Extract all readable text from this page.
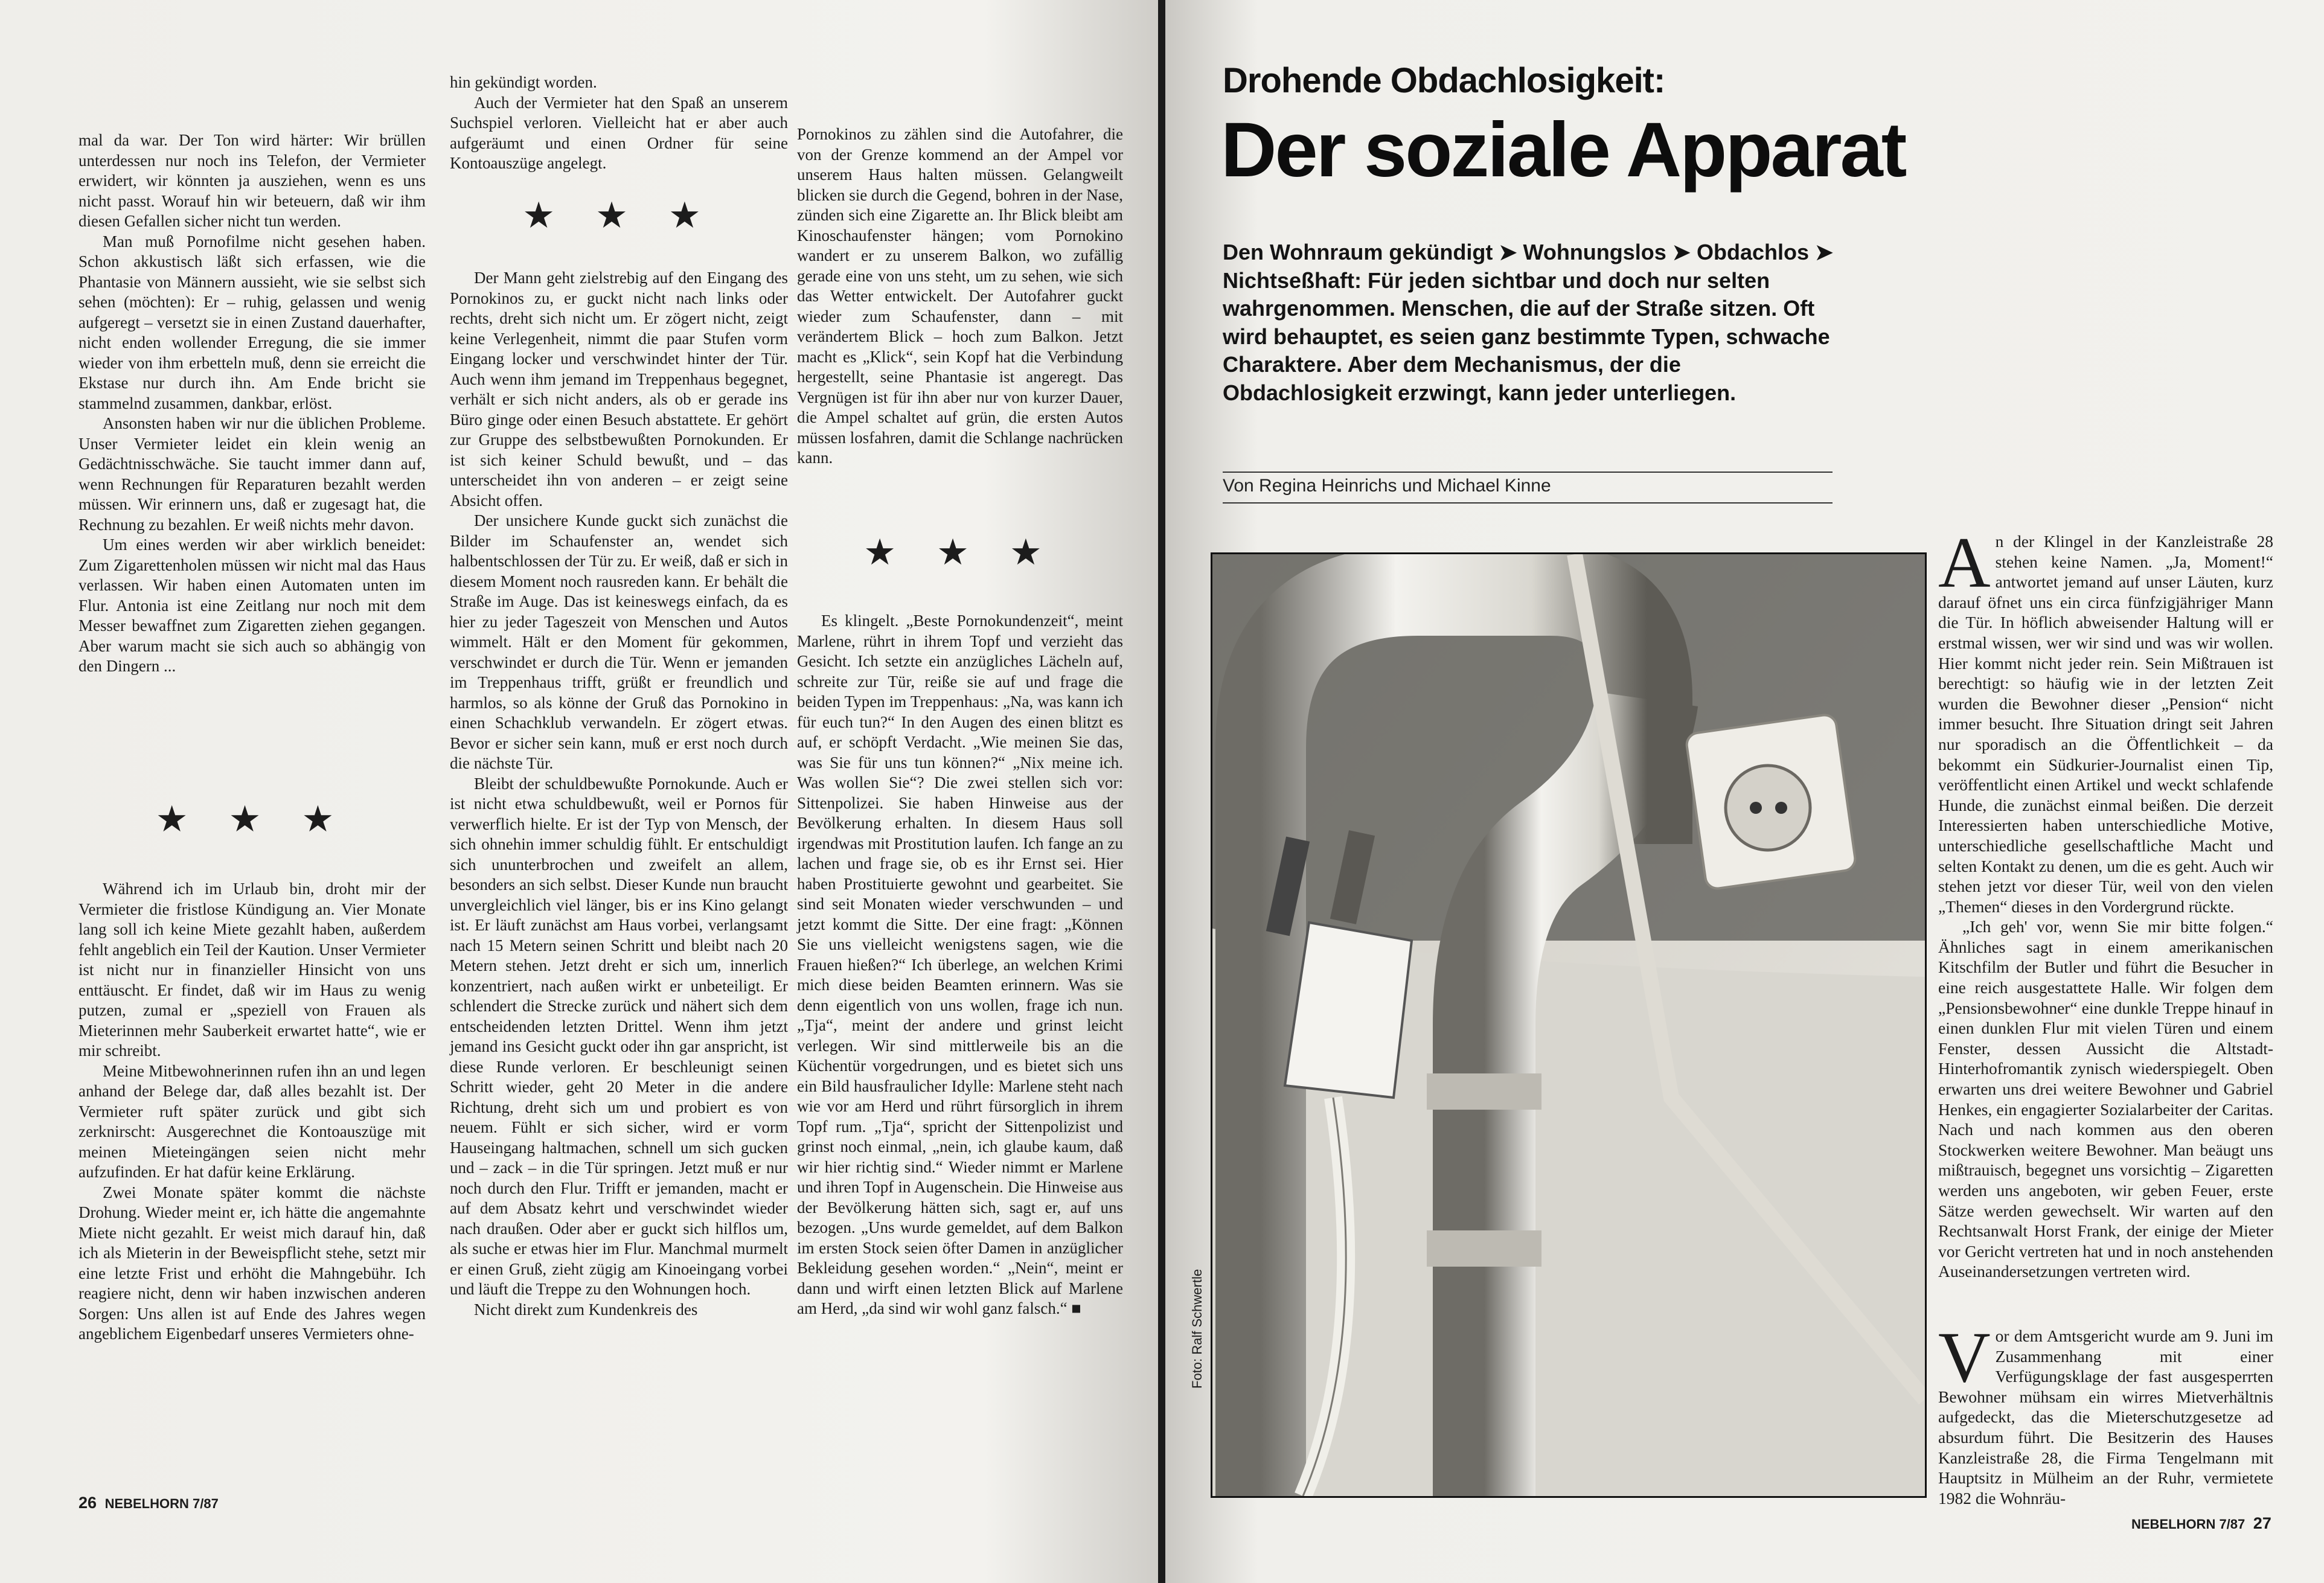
mal da war. Der Ton wird härter: Wir brüllen unterdessen nur noch ins Telefon, der Vermieter erwidert, wir könnten ja ausziehen, wenn es uns nicht passt. Worauf hin wir beteuern, daß wir ihm diesen Gefallen sicher nicht tun werden.

Man muß Pornofilme nicht gesehen haben. Schon akkustisch läßt sich erfassen, wie die Phantasie von Männern aussieht, wie sie selbst sich sehen (möchten): Er – ruhig, gelassen und wenig aufgeregt – versetzt sie in einen Zustand dauerhafter, nicht enden wollender Erregung, die sie immer wieder von ihm erbetteln muß, denn sie erreicht die Ekstase nur durch ihn. Am Ende bricht sie stammelnd zusammen, dankbar, erlöst.

Ansonsten haben wir nur die üblichen Probleme. Unser Vermieter leidet ein klein wenig an Gedächtnisschwäche. Sie taucht immer dann auf, wenn Rechnungen für Reparaturen bezahlt werden müssen. Wir erinnern uns, daß er zugesagt hat, die Rechnung zu bezahlen. Er weiß nichts mehr davon.

Um eines werden wir aber wirklich beneidet: Zum Zigarettenholen müssen wir nicht mal das Haus verlassen. Wir haben einen Automaten unten im Flur. Antonia ist eine Zeitlang nur noch mit dem Messer bewaffnet zum Zigaretten ziehen gegangen. Aber warum macht sie sich auch so abhängig von den Dingern ...

★ ★ ★

Während ich im Urlaub bin, droht mir der Vermieter die fristlose Kündigung an. Vier Monate lang soll ich keine Miete gezahlt haben, außerdem fehlt angeblich ein Teil der Kaution. Unser Vermieter ist nicht nur in finanzieller Hinsicht von uns enttäuscht. Er findet, daß wir im Haus zu wenig putzen, zumal er „speziell von Frauen als Mieterinnen mehr Sauberkeit erwartet hatte“, wie er mir schreibt.

Meine Mitbewohnerinnen rufen ihn an und legen anhand der Belege dar, daß alles bezahlt ist. Der Vermieter ruft später zurück und gibt sich zerknirscht: Ausgerechnet die Kontoauszüge mit meinen Mieteingängen seien nicht mehr aufzufinden. Er hat dafür keine Erklärung.

Zwei Monate später kommt die nächste Drohung. Wieder meint er, ich hätte die angemahnte Miete nicht gezahlt. Er weist mich darauf hin, daß ich als Mieterin in der Beweispflicht stehe, setzt mir eine letzte Frist und erhöht die Mahngebühr. Ich reagiere nicht, denn wir haben inzwischen anderen Sorgen: Uns allen ist auf Ende des Jahres wegen angeblichem Eigenbedarf unseres Vermieters ohne-

hin gekündigt worden.

Auch der Vermieter hat den Spaß an unserem Suchspiel verloren. Vielleicht hat er aber auch aufgeräumt und einen Ordner für seine Kontoauszüge angelegt.

★ ★ ★

Der Mann geht zielstrebig auf den Eingang des Pornokinos zu, er guckt nicht nach links oder rechts, dreht sich nicht um. Er zögert nicht, zeigt keine Verlegenheit, nimmt die paar Stufen vorm Eingang locker und verschwindet hinter der Tür. Auch wenn ihm jemand im Treppenhaus begegnet, verhält er sich nicht anders, als ob er gerade ins Büro ginge oder einen Besuch abstattete. Er gehört zur Gruppe des selbstbewußten Pornokunden. Er ist sich keiner Schuld bewußt, und – das unterscheidet ihn von anderen – er zeigt seine Absicht offen.

Der unsichere Kunde guckt sich zunächst die Bilder im Schaufenster an, wendet sich halbentschlossen der Tür zu. Er weiß, daß er sich in diesem Moment noch rausreden kann. Er behält die Straße im Auge. Das ist keineswegs einfach, da es hier zu jeder Tageszeit von Menschen und Autos wimmelt. Hält er den Moment für gekommen, verschwindet er durch die Tür. Wenn er jemanden im Treppenhaus trifft, grüßt er freundlich und harmlos, so als könne der Gruß das Pornokino in einen Schachklub verwandeln. Er zögert etwas. Bevor er sicher sein kann, muß er erst noch durch die nächste Tür.

Bleibt der schuldbewußte Pornokunde. Auch er ist nicht etwa schuldbewußt, weil er Pornos für verwerflich hielte. Er ist der Typ von Mensch, der sich ohnehin immer schuldig fühlt. Er entschuldigt sich ununterbrochen und zweifelt an allem, besonders an sich selbst. Dieser Kunde nun braucht unvergleichlich viel länger, bis er ins Kino gelangt ist. Er läuft zunächst am Haus vorbei, verlangsamt nach 15 Metern seinen Schritt und bleibt nach 20 Metern stehen. Jetzt dreht er sich um, innerlich konzentriert, nach außen wirkt er unbeteiligt. Er schlendert die Strecke zurück und nähert sich dem entscheidenden letzten Drittel. Wenn ihm jetzt jemand ins Gesicht guckt oder ihn gar anspricht, ist diese Runde verloren. Er beschleunigt seinen Schritt wieder, geht 20 Meter in die andere Richtung, dreht sich um und probiert es von neuem. Fühlt er sich sicher, wird er vorm Hauseingang haltmachen, schnell um sich gucken und – zack – in die Tür springen. Jetzt muß er nur noch durch den Flur. Trifft er jemanden, macht er auf dem Absatz kehrt und verschwindet wieder nach draußen. Oder aber er guckt sich hilflos um, als suche er etwas hier im Flur. Manchmal murmelt er einen Gruß, zieht zügig am Kinoeingang vorbei und läuft die Treppe zu den Wohnungen hoch.

Nicht direkt zum Kundenkreis des

Pornokinos zu zählen sind die Autofahrer, die von der Grenze kommend an der Ampel vor unserem Haus halten müssen. Gelangweilt blicken sie durch die Gegend, bohren in der Nase, zünden sich eine Zigarette an. Ihr Blick bleibt am Kinoschaufenster hängen; vom Pornokino wandert er zu unserem Balkon, wo zufällig gerade eine von uns steht, um zu sehen, wie sich das Wetter entwickelt. Der Autofahrer guckt wieder zum Schaufenster, dann – mit verändertem Blick – hoch zum Balkon. Jetzt macht es „Klick“, sein Kopf hat die Verbindung hergestellt, seine Phantasie ist angeregt. Das Vergnügen ist für ihn aber nur von kurzer Dauer, die Ampel schaltet auf grün, die ersten Autos müssen losfahren, damit die Schlange nachrücken kann.

★ ★ ★

Es klingelt. „Beste Pornokundenzeit“, meint Marlene, rührt in ihrem Topf und verzieht das Gesicht. Ich setzte ein anzügliches Lächeln auf, schreite zur Tür, reiße sie auf und frage die beiden Typen im Treppenhaus: „Na, was kann ich für euch tun?“ In den Augen des einen blitzt es auf, er schöpft Verdacht. „Wie meinen Sie das, was Sie für uns tun können?“ „Nix meine ich. Was wollen Sie“? Die zwei stellen sich vor: Sittenpolizei. Sie haben Hinweise aus der Bevölkerung erhalten. In diesem Haus soll irgendwas mit Prostitution laufen. Ich fange an zu lachen und frage sie, ob es ihr Ernst sei. Hier haben Prostituierte gewohnt und gearbeitet. Sie sind seit Monaten wieder verschwunden – und jetzt kommt die Sitte. Der eine fragt: „Können Sie uns vielleicht wenigstens sagen, wie die Frauen hießen?“ Ich überlege, an welchen Krimi mich diese beiden Beamten erinnern. Was sie denn eigentlich von uns wollen, frage ich nun. „Tja“, meint der andere und grinst leicht verlegen. Wir sind mittlerweile bis an die Küchentür vorgedrungen, und es bietet sich uns ein Bild hausfraulicher Idylle: Marlene steht nach wie vor am Herd und rührt fürsorglich in ihrem Topf rum. „Tja“, spricht der Sittenpolizist und grinst noch einmal, „nein, ich glaube kaum, daß wir hier richtig sind.“ Wieder nimmt er Marlene und ihren Topf in Augenschein. Die Hinweise aus der Bevölkerung hätten sich, sagt er, auf uns bezogen. „Uns wurde gemeldet, auf dem Balkon im ersten Stock seien öfter Damen in anzüglicher Bekleidung gesehen worden.“ „Nein“, meint er dann und wirft einen letzten Blick auf Marlene am Herd, „da sind wir wohl ganz falsch.“ ■

26 NEBELHORN 7/87
Drohende Obdachlosigkeit:
Der soziale Apparat
Den Wohnraum gekündigt ➤ Wohnungslos ➤ Obdachlos ➤ Nichtseßhaft: Für jeden sichtbar und doch nur selten wahrgenommen. Menschen, die auf der Straße sitzen. Oft wird behauptet, es seien ganz bestimmte Typen, schwache Charaktere. Aber dem Mechanismus, der die Obdachlosigkeit erzwingt, kann jeder unterliegen.
Von Regina Heinrichs und Michael Kinne
Foto: Ralf Schwertle

An der Klingel in der Kanzleistraße 28 stehen keine Namen. „Ja, Moment!“ antwortet jemand auf unser Läuten, kurz darauf öfnet uns ein circa fünfzigjähriger Mann die Tür. In höflich abweisender Haltung will er erstmal wissen, wer wir sind und was wir wollen. Hier kommt nicht jeder rein. Sein Mißtrauen ist berechtigt: so häufig wie in der letzten Zeit wurden die Bewohner dieser „Pension“ nicht immer besucht. Ihre Situation dringt seit Jahren nur sporadisch an die Öffentlichkeit – da bekommt ein Südkurier-Journalist einen Tip, veröffentlicht einen Artikel und weckt schlafende Hunde, die zunächst einmal beißen. Die derzeit Interessierten haben unterschiedliche Motive, unterschiedliche gesellschaftliche Macht und selten Kontakt zu denen, um die es geht. Auch wir stehen jetzt vor dieser Tür, weil von den vielen „Themen“ dieses in den Vordergrund rückte.

„Ich geh' vor, wenn Sie mir bitte folgen.“ Ähnliches sagt in einem amerikanischen Kitschfilm der Butler und führt die Besucher in eine reich ausgestattete Halle. Wir folgen dem „Pensionsbewohner“ eine dunkle Treppe hinauf in einen dunklen Flur mit vielen Türen und einem Fenster, dessen Aussicht die Altstadt-Hinterhofromantik zynisch wiederspiegelt. Oben erwarten uns drei weitere Bewohner und Gabriel Henkes, ein engagierter Sozialarbeiter der Caritas. Nach und nach kommen aus den oberen Stockwerken weitere Bewohner. Man beäugt uns mißtrauisch, begegnet uns vorsichtig – Zigaretten werden uns angeboten, wir geben Feuer, erste Sätze werden gewechselt. Wir warten auf den Rechtsanwalt Horst Frank, der einige der Mieter vor Gericht vertreten hat und in noch anstehenden Auseinandersetzungen vertreten wird.

Vor dem Amtsgericht wurde am 9. Juni im Zusammenhang mit einer Verfügungsklage der fast ausgesperrten Bewohner mühsam ein wirres Mietverhältnis aufgedeckt, das die Mieterschutzgesetze ad absurdum führt. Die Besitzerin des Hauses Kanzleistraße 28, die Firma Tengelmann mit Hauptsitz in Mülheim an der Ruhr, vermietete 1982 die Wohnräu-

NEBELHORN 7/87 27
